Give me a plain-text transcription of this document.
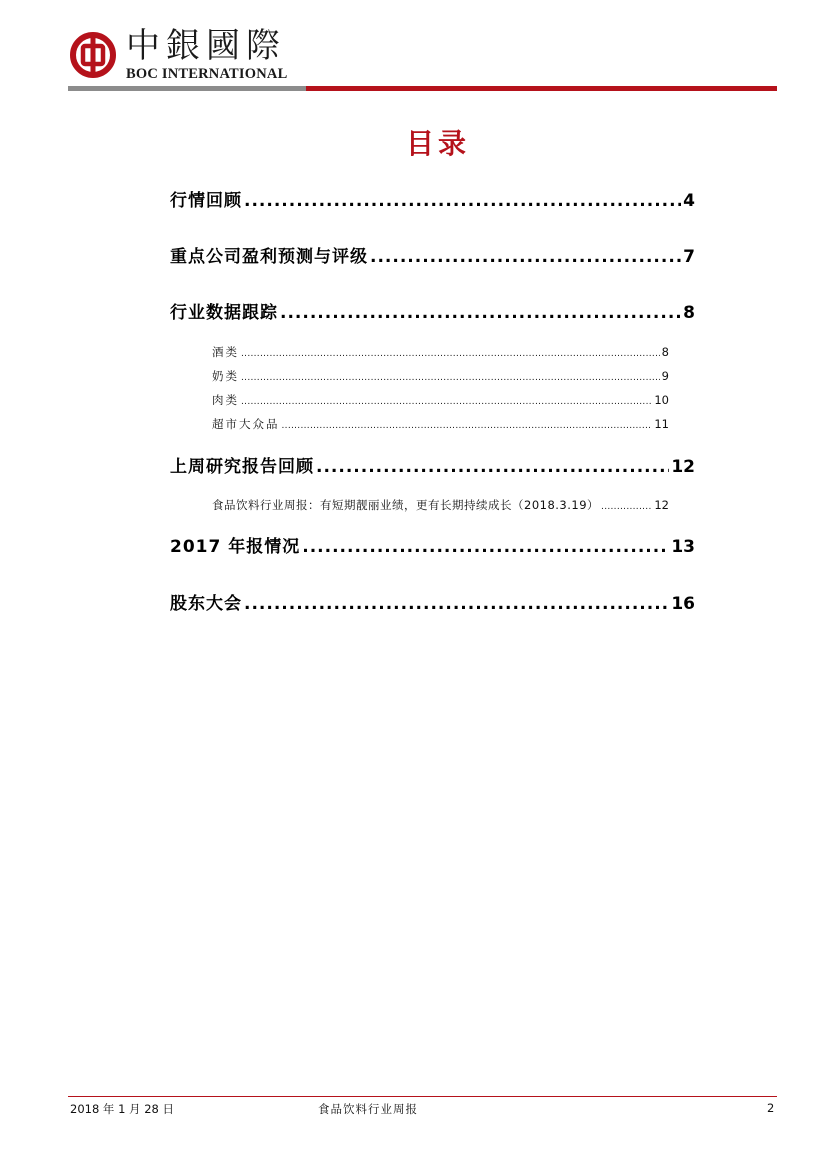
中銀國際
BOC INTERNATIONAL
目录
行情回顾 .....	4
重点公司盈利预测与评级 .....	7
行业数据跟踪 .....	8
酒类 .....	8
奶类 .....	9
肉类 .....	10
超市大众品 .....	11
上周研究报告回顾 .....	12
食品饮料行业周报：有短期靓丽业绩，更有长期持续成长（2018.3.19） .....	12
2017 年报情况 .....	13
股东大会 .....	16
2018 年 1 月 28 日	食品饮料行业周报	2
